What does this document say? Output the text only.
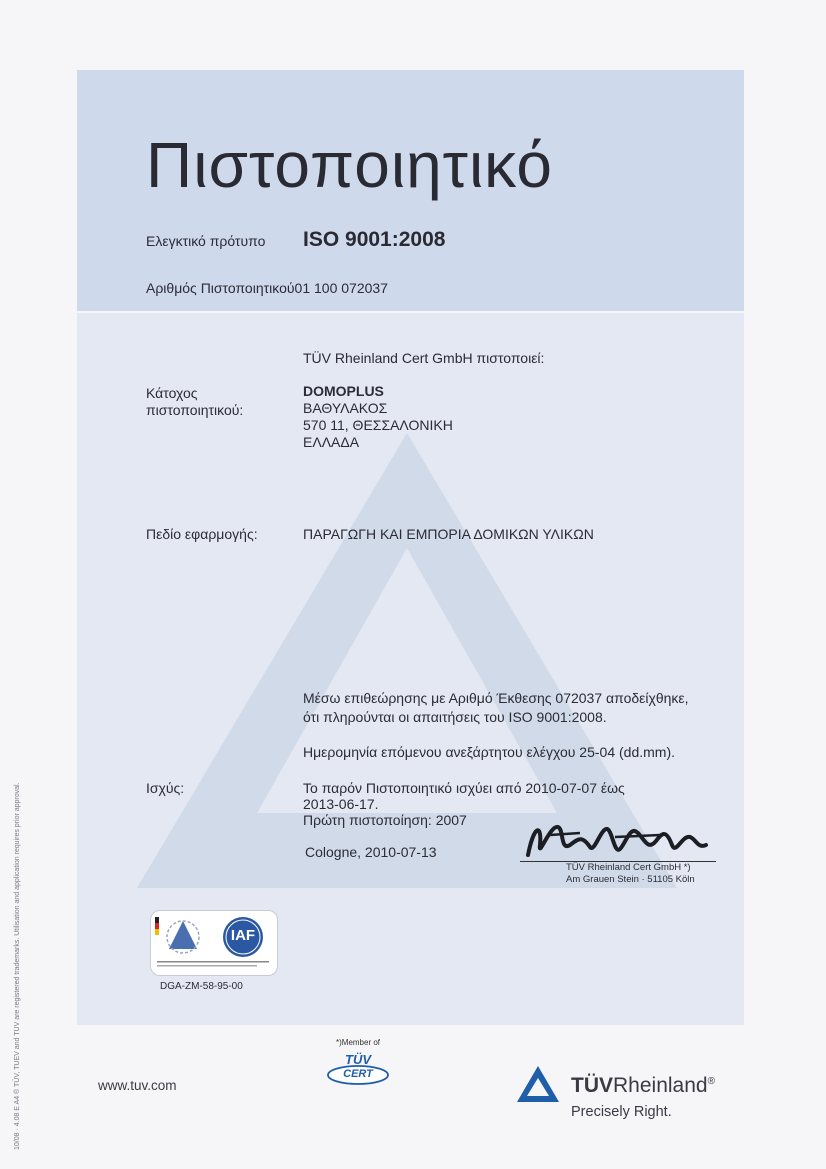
Πιστοποιητικό
Ελεγκτικό πρότυπο ISO 9001:2008
Αριθμός Πιστοποιητικού01 100 072037
TÜV Rheinland Cert GmbH πιστοποιεί:
Κάτοχος
πιστοποιητικού:
DOMOPLUS
ΒΑΘΥΛΑΚΟΣ
570 11, ΘΕΣΣΑΛΟΝΙΚΗ
ΕΛΛΑΔΑ
Πεδίο εφαρμογής:	ΠΑΡΑΓΩΓΗ ΚΑΙ ΕΜΠΟΡΙΑ ΔΟΜΙΚΩΝ ΥΛΙΚΩΝ
Μέσω επιθεώρησης με Αριθμό Έκθεσης 072037 αποδείχθηκε,
ότι πληρούνται οι απαιτήσεις του ISO 9001:2008.
Ημερομηνία επόμενου ανεξάρτητου ελέγχου 25-04 (dd.mm).
Ισχύς:	Το παρόν Πιστοποιητικό ισχύει από 2010-07-07 έως
2013-06-17.
Πρώτη πιστοποίηση: 2007
Cologne, 2010-07-13
TÜV Rheinland Cert GmbH *)
Am Grauen Stein · 51105 Köln
IAF
DGA-ZM-58-95-00
*)Member of
TÜV
CERT
www.tuv.com	TÜVRheinland®
Precisely Right.
10/08 · 4.08 E A4 ® TÜV, TUEV and TUV are registered trademarks. Utilisation and application requires prior approval.
